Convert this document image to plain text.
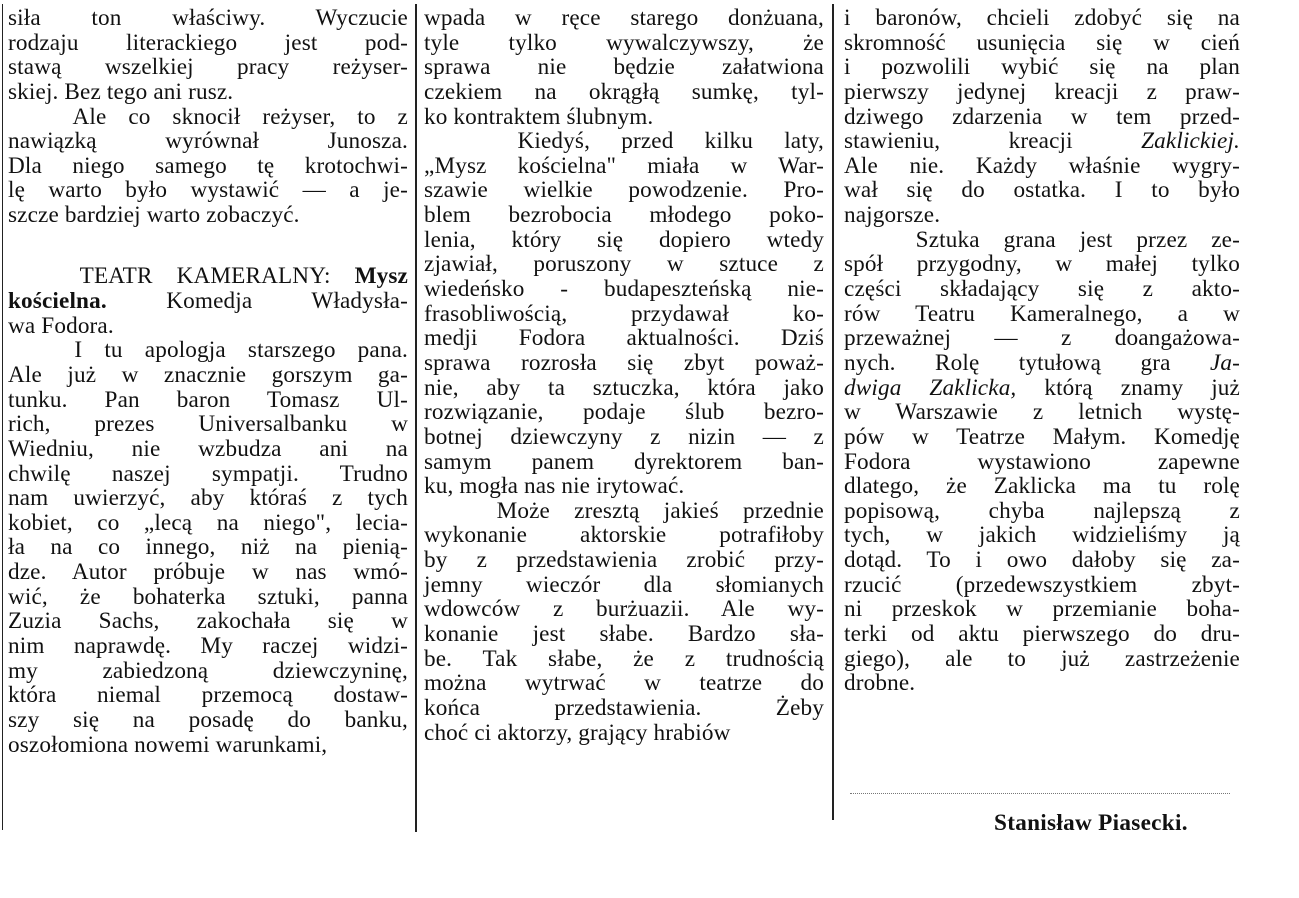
siła ton właściwy. Wyczucie
rodzaju literackiego jest pod-
stawą wszelkiej pracy reżyser-
skiej. Bez tego ani rusz.
Ale co sknocił reżyser, to z
nawiązką wyrównał Junosza.
Dla niego samego tę krotochwi-
lę warto było wystawić — a je-
szcze bardziej warto zobaczyć.
TEATR KAMERALNY: Mysz
kościelna. Komedja Władysła-
wa Fodora.
I tu apologja starszego pana.
Ale już w znacznie gorszym ga-
tunku. Pan baron Tomasz Ul-
rich, prezes Universalbanku w
Wiedniu, nie wzbudza ani na
chwilę naszej sympatji. Trudno
nam uwierzyć, aby któraś z tych
kobiet, co „lecą na niego", lecia-
ła na co innego, niż na pienią-
dze. Autor próbuje w nas wmó-
wić, że bohaterka sztuki, panna
Zuzia Sachs, zakochała się w
nim naprawdę. My raczej widzi-
my zabiedzoną dziewczyninę,
która niemal przemocą dostaw-
szy się na posadę do banku,
oszołomiona nowemi warunkami,
wpada w ręce starego donżuana,
tyle tylko wywalczywszy, że
sprawa nie będzie załatwiona
czekiem na okrągłą sumkę, tyl-
ko kontraktem ślubnym.
Kiedyś, przed kilku laty,
„Mysz kościelna" miała w War-
szawie wielkie powodzenie. Pro-
blem bezrobocia młodego poko-
lenia, który się dopiero wtedy
zjawiał, poruszony w sztuce z
wiedeńsko - budapeszteńską nie-
frasobliwością, przydawał ko-
medji Fodora aktualności. Dziś
sprawa rozrosła się zbyt poważ-
nie, aby ta sztuczka, która jako
rozwiązanie, podaje ślub bezro-
botnej dziewczyny z nizin — z
samym panem dyrektorem ban-
ku, mogła nas nie irytować.
Może zresztą jakieś przednie
wykonanie aktorskie potrafiłoby
by z przedstawienia zrobić przy-
jemny wieczór dla słomianych
wdowców z burżuazii. Ale wy-
konanie jest słabe. Bardzo sła-
be. Tak słabe, że z trudnością
można wytrwać w teatrze do
końca przedstawienia. Żeby
choć ci aktorzy, grający hrabiów
i baronów, chcieli zdobyć się na
skromność usunięcia się w cień
i pozwolili wybić się na plan
pierwszy jedynej kreacji z praw-
dziwego zdarzenia w tem przed-
stawieniu, kreacji Zaklickiej.
Ale nie. Każdy właśnie wygry-
wał się do ostatka. I to było
najgorsze.
Sztuka grana jest przez ze-
spół przygodny, w małej tylko
części składający się z akto-
rów Teatru Kameralnego, a w
przeważnej — z doangażowa-
nych. Rolę tytułową gra Ja-
dwiga Zaklicka, którą znamy już
w Warszawie z letnich wystę-
pów w Teatrze Małym. Komedję
Fodora wystawiono zapewne
dlatego, że Zaklicka ma tu rolę
popisową, chyba najlepszą z
tych, w jakich widzieliśmy ją
dotąd. To i owo dałoby się za-
rzucić (przedewszystkiem zbyt-
ni przeskok w przemianie boha-
terki od aktu pierwszego do dru-
giego), ale to już zastrzeżenie
drobne.
Stanisław Piasecki.
